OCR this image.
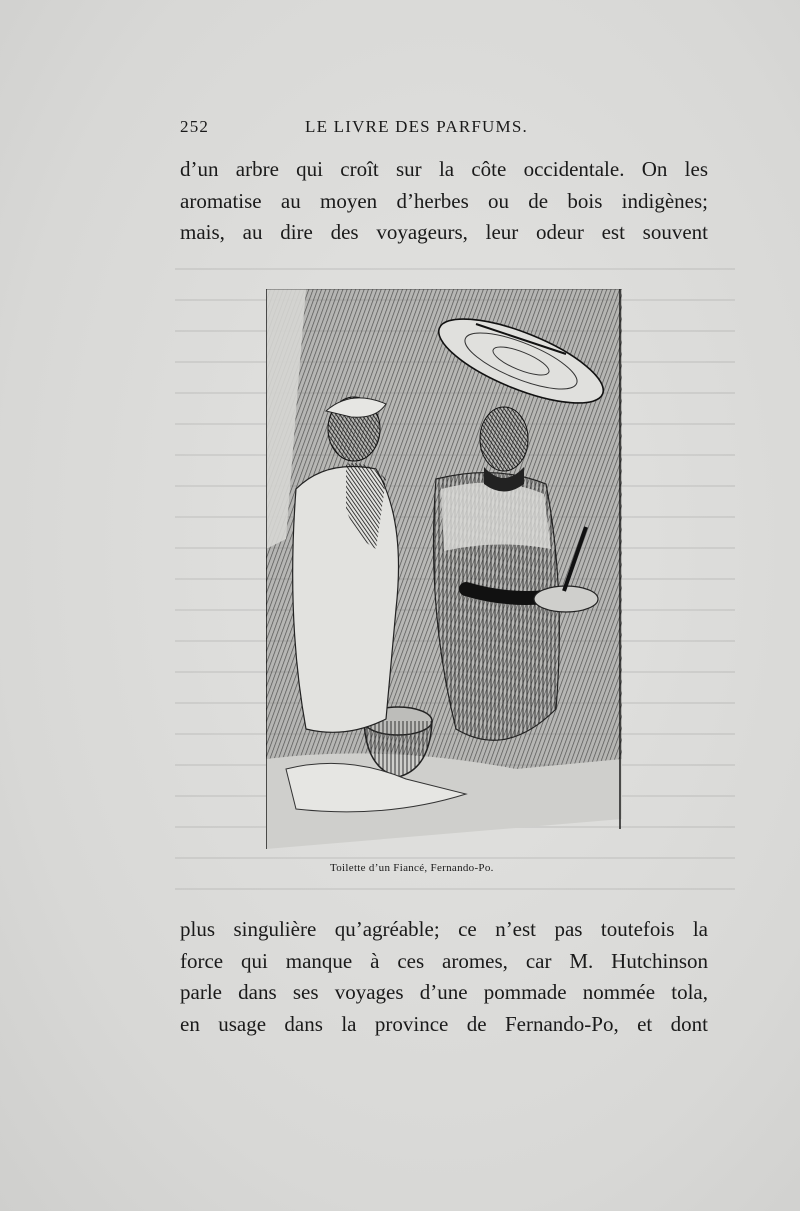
252	LE LIVRE DES PARFUMS.
d’un arbre qui croît sur la côte occidentale. On les
aromatise au moyen d’herbes ou de bois indigènes;
mais, au dire des voyageurs, leur odeur est souvent
Toilette d’un Fiancé, Fernando-Po.
plus singulière qu’agréable; ce n’est pas toutefois la
force qui manque à ces aromes, car M. Hutchinson
parle dans ses voyages d’une pommade nommée tola,
en usage dans la province de Fernando-Po, et dont
